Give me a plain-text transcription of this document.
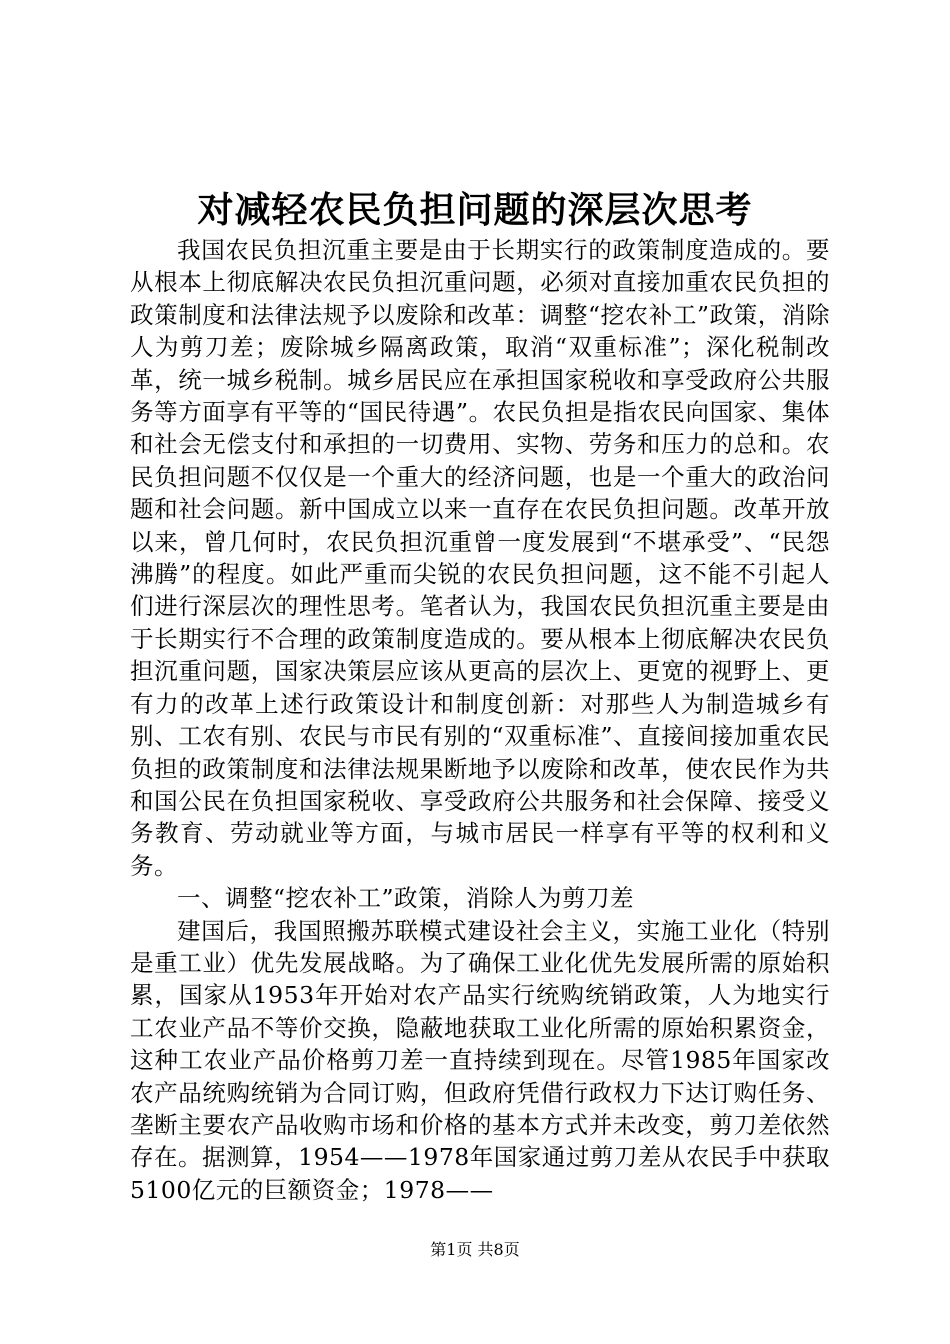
对减轻农民负担问题的深层次思考

我国农民负担沉重主要是由于长期实行的政策制度造成的。要从根本上彻底解决农民负担沉重问题，必须对直接加重农民负担的政策制度和法律法规予以废除和改革：调整“挖农补工”政策，消除人为剪刀差；废除城乡隔离政策，取消“双重标准”；深化税制改革，统一城乡税制。城乡居民应在承担国家税收和享受政府公共服务等方面享有平等的“国民待遇”。农民负担是指农民向国家、集体和社会无偿支付和承担的一切费用、实物、劳务和压力的总和。农民负担问题不仅仅是一个重大的经济问题，也是一个重大的政治问题和社会问题。新中国成立以来一直存在农民负担问题。改革开放以来，曾几何时，农民负担沉重曾一度发展到“不堪承受”、“民怨沸腾”的程度。如此严重而尖锐的农民负担问题，这不能不引起人们进行深层次的理性思考。笔者认为，我国农民负担沉重主要是由于长期实行不合理的政策制度造成的。要从根本上彻底解决农民负担沉重问题，国家决策层应该从更高的层次上、更宽的视野上、更有力的改革上述行政策设计和制度创新：对那些人为制造城乡有别、工农有别、农民与市民有别的“双重标准”、直接间接加重农民负担的政策制度和法律法规果断地予以废除和改革，使农民作为共和国公民在负担国家税收、享受政府公共服务和社会保障、接受义务教育、劳动就业等方面，与城市居民一样享有平等的权利和义务。

一、调整“挖农补工”政策，消除人为剪刀差

建国后，我国照搬苏联模式建设社会主义，实施工业化（特别是重工业）优先发展战略。为了确保工业化优先发展所需的原始积累，国家从1953年开始对农产品实行统购统销政策，人为地实行工农业产品不等价交换，隐蔽地获取工业化所需的原始积累资金，这种工农业产品价格剪刀差一直持续到现在。尽管1985年国家改农产品统购统销为合同订购，但政府凭借行政权力下达订购任务、垄断主要农产品收购市场和价格的基本方式并未改变，剪刀差依然存在。据测算，1954——1978年国家通过剪刀差从农民手中获取5100亿元的巨额资金；1978——

第1页 共8页
